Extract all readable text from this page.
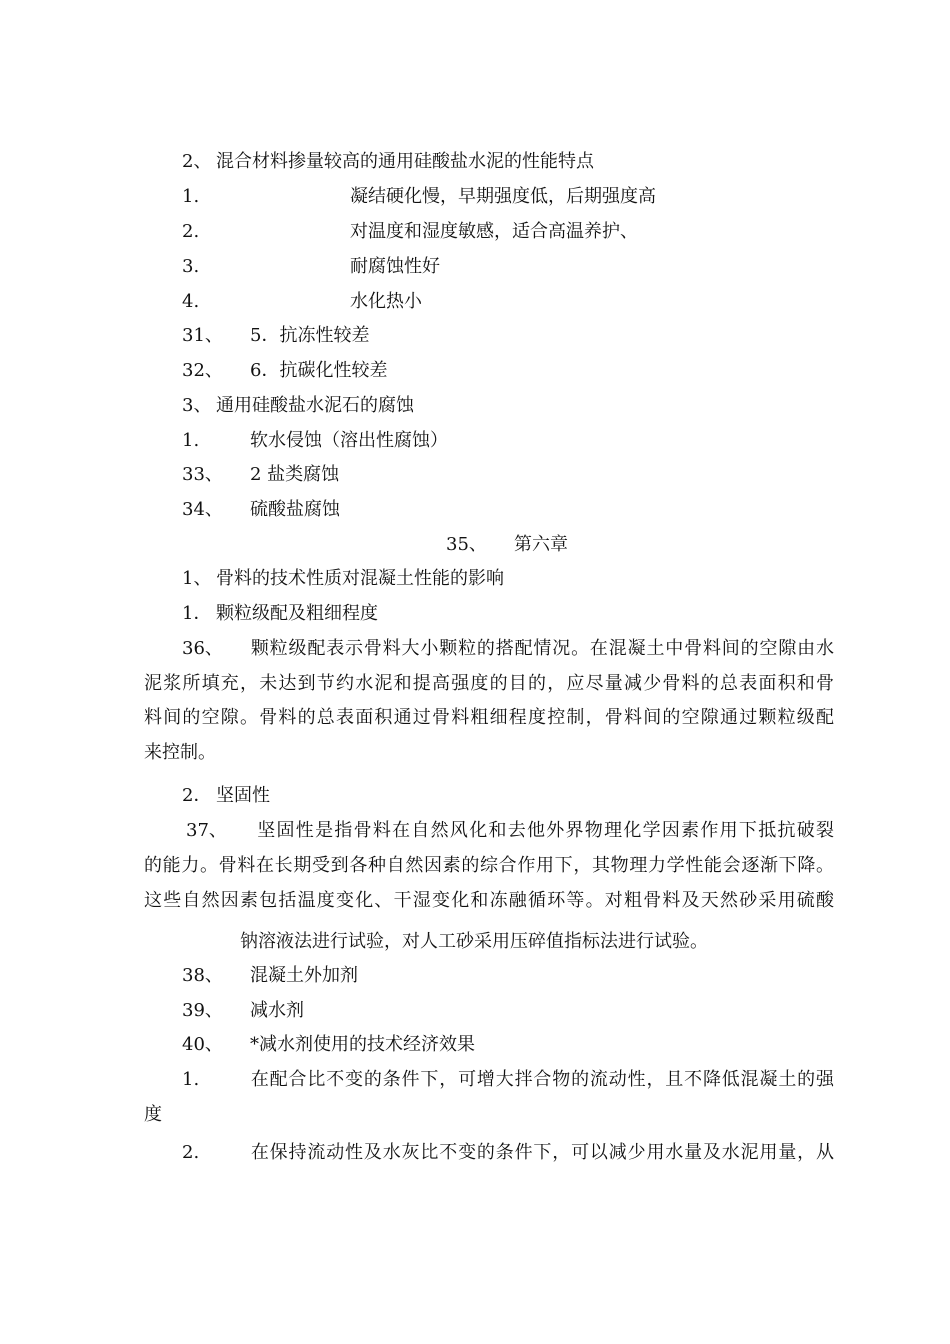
2、 混合材料掺量较高的通用硅酸盐水泥的性能特点
1.	凝结硬化慢，早期强度低，后期强度高
2.	对温度和湿度敏感，适合高温养护、
3.	耐腐蚀性好
4.	水化热小
31、 5．抗冻性较差
32、 6．抗碳化性较差
3、 通用硅酸盐水泥石的腐蚀
1.	软水侵蚀（溶出性腐蚀）
33、 2 盐类腐蚀
34、 硫酸盐腐蚀
35、 第六章
1、 骨料的技术性质对混凝土性能的影响
1． 颗粒级配及粗细程度
36、 颗粒级配表示骨料大小颗粒的搭配情况。在混凝土中骨料间的空隙由水
泥浆所填充，未达到节约水泥和提高强度的目的，应尽量减少骨料的总表面积和骨
料间的空隙。骨料的总表面积通过骨料粗细程度控制，骨料间的空隙通过颗粒级配
来控制。
2． 坚固性
37、 坚固性是指骨料在自然风化和去他外界物理化学因素作用下抵抗破裂
的能力。骨料在长期受到各种自然因素的综合作用下，其物理力学性能会逐渐下降。
这些自然因素包括温度变化、干湿变化和冻融循环等。对粗骨料及天然砂采用硫酸
钠溶液法进行试验，对人工砂采用压碎值指标法进行试验。
38、 混凝土外加剂
39、 减水剂
40、 *减水剂使用的技术经济效果
1.	在配合比不变的条件下，可增大拌合物的流动性，且不降低混凝土的强
度
2.	在保持流动性及水灰比不变的条件下，可以减少用水量及水泥用量，从
